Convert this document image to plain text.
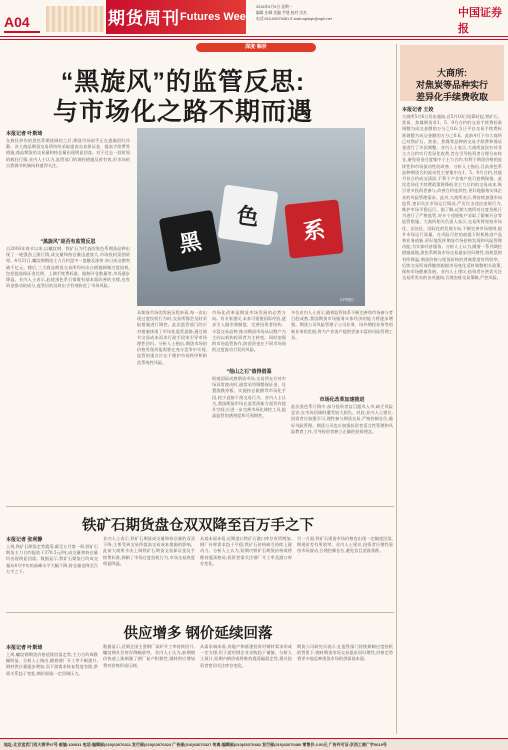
A04	期货周刊 Futures Weekly
2016年5月9日 星期一
编辑 庄峰 美编 尹建 校对 宗杰
电话:010-63070451 E-mail:zqsbqh@zqrb.net	中国证券报
深度·解析
“黑旋风”的监管反思:
与市场化之路不期而遇
本报记者 叶斯琦
在疯狂炒作的黑色系期货调控之后,期货市场似乎正在逐渐回归冷静。各大商品期货交易所纷纷采取提高交易保证金、提高手续费等措施,商品期货的交易量和持仓量出现明显回落。对于过去一段时间的疯狂行情,业内人士认为,监管部门的调控措施及时有效,但市场的自我调节机制同样值得关注。
“黑旋风”是否有监管反思
自2016年春节以来,以螺纹钢、铁矿石为代表的黑色系期货品种出现了一轮强劲上涨行情,成交量和持仓量迅速放大,市场投机氛围浓厚。4月21日,螺纹钢期货主力合约盘中一度触及涨停,单日成交额突破千亿元。随后,三大商品期货交易所纷纷出台措施抑制过度投机,包括提高保证金比例、上调手续费标准、限制开仓数量等,市场逐步降温。业内人士表示,此轮黑色系行情既有基本面改善的支撑,也有资金推动的成分,监管层的及时出手有效防范了市场风险。
黑
色
系
CFP图片
从期货市场的发展历程来看,每一次出现过度投机行为时,交易所都会及时采取措施进行调控。此次监管部门的应对措施体现了市场化监管思路,通过调节交易成本而非行政手段来引导市场理性回归。分析人士指出,期货市场的价格发现功能需要在充分竞争中实现,监管的重点应在于维护市场秩序和防范系统性风险。
市场化改革是期货市场发展的必然方向。有专家建议,未来可借鉴国际经验,逐步引入做市商制度、完善投资者结构、丰富交易品种,推动期货市场从以散户为主向以机构投资者为主转变。同时加强跨市场监管协作,防范资金在不同市场间的过度流动引发的风险。
“他山之石”值得借鉴
纵观国际成熟期货市场,交易所在应对市场异常波动时,通常采用调整保证金、设置涨跌停板、实施持仓限额等市场化手段,较少直接干预交易行为。业内人士认为,我国期货市场在监管创新方面仍有提升空间,应进一步完善市场化调控工具,提高监管的透明度和可预期性。
多位业内人士表示,随着监管体系不断完善和市场参与者日趋成熟,我国期货市场服务实体经济的能力将逐步增强。期货公司风险管理子公司业务、场外期权业务等创新业务的发展,将为产业客户提供更加丰富的风险管理工具。
市场化改革加速推进
此次黑色系行情中,部分投资者盲目跟风入市,缺乏风险意识,在市场回调时遭受较大损失。对此,业内人士建议,投资者应加强学习,理性参与期货交易,严格控制仓位,做好风险管理。期货公司也应加强投资者适当性管理和风险教育工作,引导投资者树立正确的投资理念。
大商所:
对焦炭等品种实行
差异化手续费收取
本报记者 王姣
大商所5月6日发布通知,自5月10日结算时起,铁矿石、焦炭、焦煤期货非1、5、9月合约的交易手续费标准调整为成交金额的万分之0.6,当日平仓交易手续费标准调整为成交金额的万分之0.6。此前4月下旬大商所已对铁矿石、焦炭、焦煤等品种的交易手续费和保证金进行了多次调整。业内人士表示,大商所此次针对非主力合约实行差异化收费,旨在引导投资者合理分布持仓,避免资金过度集中于主力合约,有利于期货价格的连续性和市场流动性的改善。分析人士指出,目前黑色系品种期货合约流动性主要集中在1、5、9月合约,其他月份合约成交清淡,不利于产业客户进行套期保值。此次差异化手续费政策将降低非主力合约的交易成本,吸引更多投资者参与,改善合约连续性,更好地服务实体企业的风险管理需求。此外,大商所表示,将持续加强市场监管,密切关注市场运行情况,严厉打击违法违规行为,维护市场平稳运行。据了解,近期大商所对过度投机行为进行了严格监管,对多个违规账户采取了限制开仓等监管措施。大商所相关负责人表示,交易所将坚持市场化、法治化、国际化的发展方向,不断完善市场规则,提升市场运行质量。在风险可控的前提下积极推进产品和业务创新,更好地发挥期货市场价格发现和风险管理功能,为实体经济服务。分析人士认为,随着一系列调控措施落地,黑色系期货市场交易逐步回归理性,投机氛围有所降温,期货价格与现货价格的背离程度有所收窄。后续交易所或将继续根据市场变化适时调整相关政策,保持市场健康发展。业内人士建议,投资者应密切关注交易所发布的各项通知,合理安排交易策略,严控风险。
铁矿石期货盘仓双双降至百万手之下
本报记者 张利静
上周,铁矿石期货走势震荡,截至五月第一周,铁矿石期货主力合约报收于370.5元/吨,成交量和持仓量均出现明显回落。数据显示,铁矿石期货日均成交量从4月中旬的高峰水平大幅下降,持仓量也降至百万手之下。
业内人士表示,铁矿石期货成交量和持仓量的双双下降,主要受到交易所提高交易成本措施的影响。此前大商所多次上调铁矿石期货交易保证金及手续费标准,抑制了市场过度投机行为,市场交易热度明显降温。
从基本面来看,近期进口铁矿石港口库存有所增加,钢厂补库需求趋于平稳,铁矿石价格缺乏持续上涨动力。分析人士认为,短期内铁矿石期货价格或将维持震荡格局,投资者需关注钢厂开工率及港口库存变化。
另一方面,铁矿石现货市场价格也出现一定幅度回落,期现价差有所收窄。业内人士建议,投资者应理性看待市场波动,合理控制仓位,避免盲目追涨杀跌。
供应增多 钢价延续回落
本报记者 叶斯琦
上周,螺纹钢期货价格延续回落走势,主力合约周跌幅明显。分析人士指出,随着钢厂开工率不断提升,钢材供应量逐步增加,而下游需求恢复程度有限,供需关系趋于宽松,钢价面临一定回调压力。
数据显示,近期全国主要钢厂高炉开工率持续回升,螺纹钢社会库存降幅收窄。业内人士认为,前期钢价快速上涨刺激了钢厂复产积极性,钢材供应增加将对价格形成压制。
从需求端来看,房地产和基建投资对钢材需求形成一定支撑,但下游用钢企业采购趋于谨慎。分析人士预计,短期内钢价或将维持震荡偏弱走势,建议投资者密切关注库存变化。
期货公司研究员表示,在监管部门持续抑制过度投机的背景下,钢材期货市场交易逐步回归理性,价格走势将更多地反映现货市场的供需基本面。
地址:北京宣武门西大街甲97号 邮编:100031 电话:编辑部(010)63070311 发行部(010)63070324 广告部(010)63070327 传真:编辑部(010)63070482 发行部(010)63070480 零售价:2.00元 广告许可证:京西工商广字0019号
